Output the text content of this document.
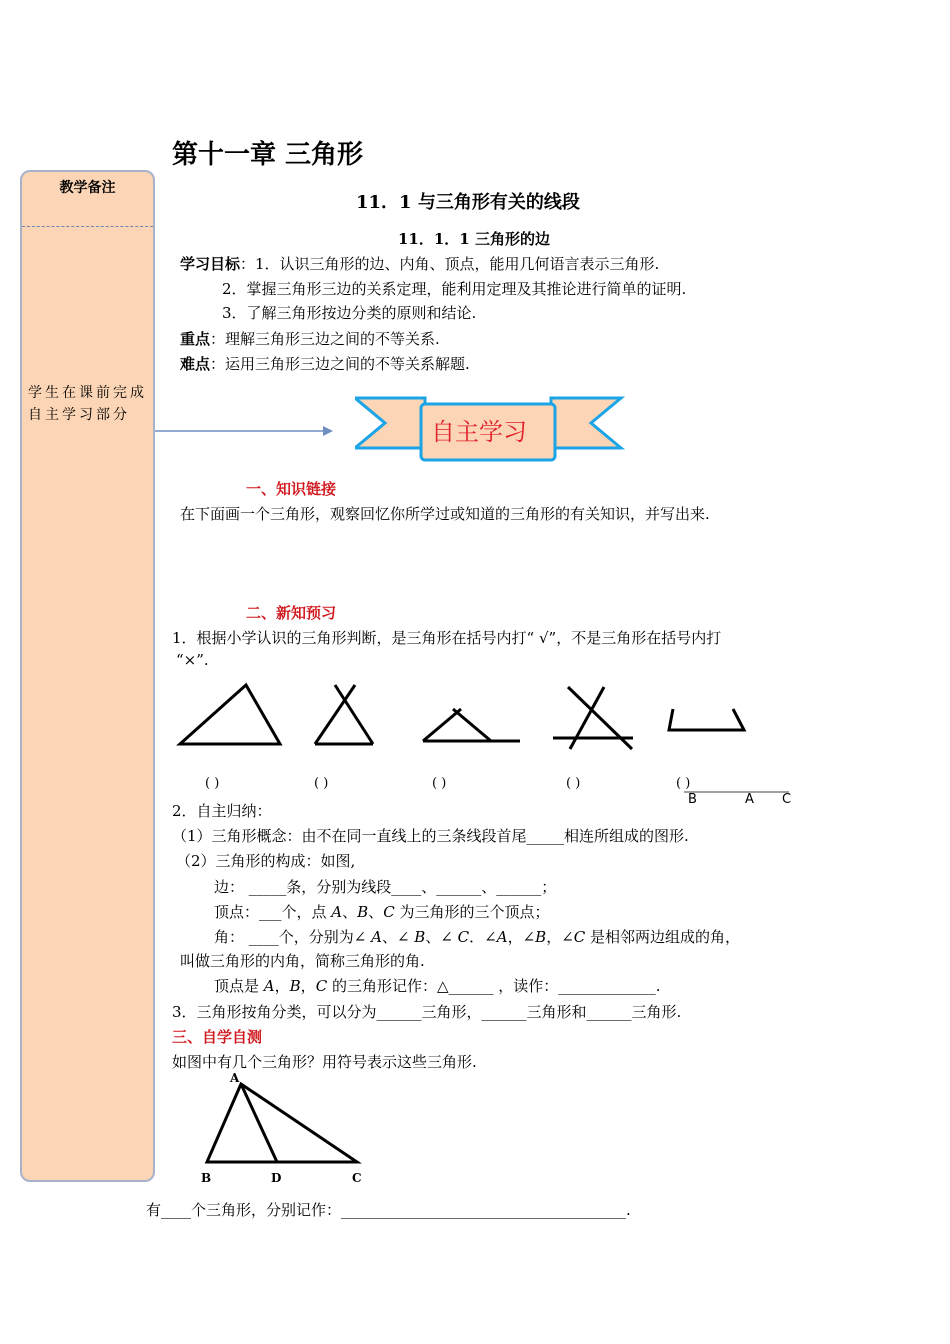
教学备注
学生在课前完成
自主学习部分
第十一章 三角形
11．1 与三角形有关的线段
11．1．1 三角形的边
学习目标：1．认识三角形的边、内角、顶点，能用几何语言表示三角形.
2．掌握三角形三边的关系定理，能利用定理及其推论进行简单的证明.
3．了解三角形按边分类的原则和结论.
重点：理解三角形三边之间的不等关系.
难点：运用三角形三边之间的不等关系解题.
自主学习
一、知识链接
在下面画一个三角形，观察回忆你所学过或知道的三角形的有关知识，并写出来.
二、新知预习
1．根据小学认识的三角形判断，是三角形在括号内打“ √”，不是三角形在括号内打
“×”.
( )	( )	( )	( )	( )
B	A C
2．自主归纳：
（1）三角形概念：由不在同一直线上的三条线段首尾_____相连所组成的图形.
（2）三角形的构成：如图,
边： _____条，分别为线段____、______、______；
顶点：___个，点 A、B、C 为三角形的三个顶点；
角： ____个，分别为∠ A、∠ B、∠ C．∠A，∠B，∠C 是相邻两边组成的角，
叫做三角形的内角，简称三角形的角.
顶点是 A，B，C 的三角形记作：△______ ，读作：_____________.
3．三角形按角分类，可以分为______三角形，______三角形和______三角形.
三、自学自测
如图中有几个三角形？用符号表示这些三角形.
A
B	D	C
有____个三角形，分别记作：______________________________________.
